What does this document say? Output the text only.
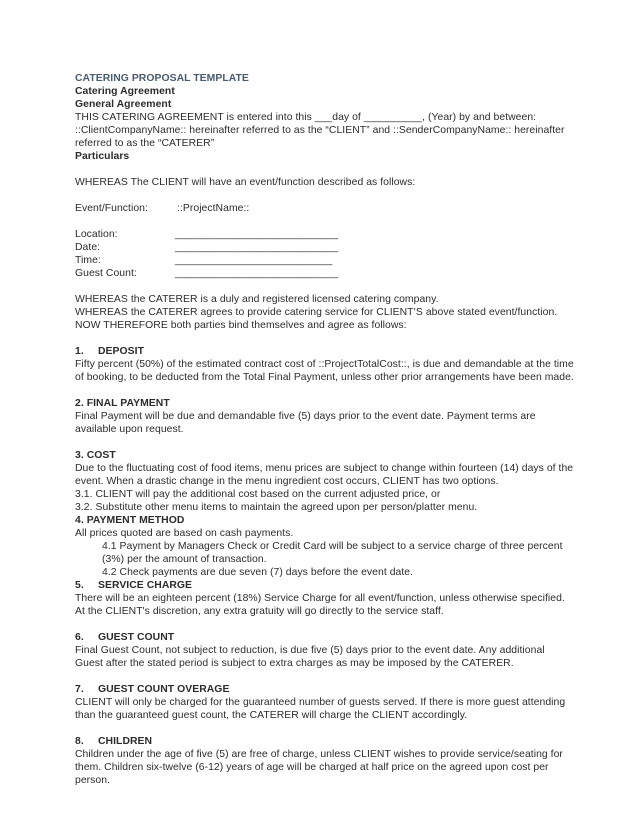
CATERING PROPOSAL TEMPLATE
Catering Agreement
General Agreement

THIS CATERING AGREEMENT is entered into this ___day of __________, (Year) by and between: ::ClientCompanyName:: hereinafter referred to as the “CLIENT” and ::SenderCompanyName:: hereinafter referred to as the “CATERER”

Particulars

WHEREAS The CLIENT will have an event/function described as follows:

Event/Function:	::ProjectName::
Location:	____________________________
Date:	____________________________
Time:	___________________________
Guest Count:	____________________________

WHEREAS the CATERER is a duly and registered licensed catering company.

WHEREAS the CATERER agrees to provide catering service for CLIENT’S above stated event/function.

NOW THEREFORE both parties bind themselves and agree as follows:

1. DEPOSIT

Fifty percent (50%) of the estimated contract cost of ::ProjectTotalCost::, is due and demandable at the time of booking, to be deducted from the Total Final Payment, unless other prior arrangements have been made.

2. FINAL PAYMENT

Final Payment will be due and demandable five (5) days prior to the event date. Payment terms are available upon request.

3. COST

Due to the fluctuating cost of food items, menu prices are subject to change within fourteen (14) days of the event. When a drastic change in the menu ingredient cost occurs, CLIENT has two options.

3.1. CLIENT will pay the additional cost based on the current adjusted price, or

3.2. Substitute other menu items to maintain the agreed upon per person/platter menu.

4. PAYMENT METHOD

All prices quoted are based on cash payments.

4.1 Payment by Managers Check or Credit Card will be subject to a service charge of three percent (3%) per the amount of transaction.

4.2 Check payments are due seven (7) days before the event date.

5. SERVICE CHARGE

There will be an eighteen percent (18%) Service Charge for all event/function, unless otherwise specified.

At the CLIENT's discretion, any extra gratuity will go directly to the service staff.

6. GUEST COUNT

Final Guest Count, not subject to reduction, is due five (5) days prior to the event date. Any additional Guest after the stated period is subject to extra charges as may be imposed by the CATERER.

7. GUEST COUNT OVERAGE

CLIENT will only be charged for the guaranteed number of guests served. If there is more guest attending than the guaranteed guest count, the CATERER will charge the CLIENT accordingly.

8. CHILDREN

Children under the age of five (5) are free of charge, unless CLIENT wishes to provide service/seating for them. Children six-twelve (6-12) years of age will be charged at half price on the agreed upon cost per person.
